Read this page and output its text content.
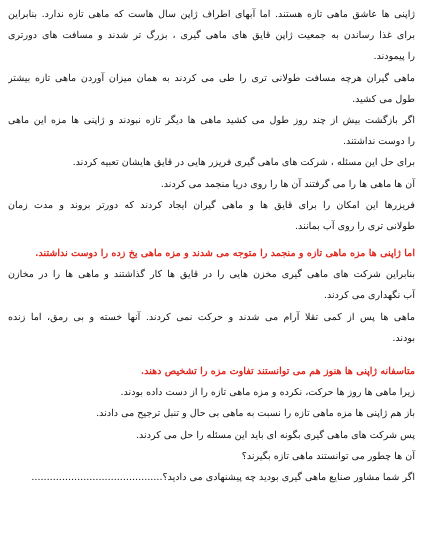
ژاپنی ها عاشق ماهی تازه هستند. اما آبهای اطراف ژاپن سال هاست که ماهی تازه ندارد. بنابراین
برای غذا رساندن به جمعیت ژاپن قایق های ماهی گیری ، بزرگ تر شدند و مسافت های دورتری
را پیمودند.
ماهی گیران هرچه مسافت طولانی تری را طی می کردند به همان میزان آوردن ماهی تازه بیشتر
طول می کشید.
اگر بازگشت بیش از چند روز طول می کشید ماهی ها دیگر تازه نبودند و ژاپنی ها مزه این ماهی
را دوست نداشتند.
برای حل این مسئله ، شرکت های ماهی گیری فریزر هایی در قایق هایشان تعبیه کردند.
آن ها ماهی ها را می گرفتند آن ها را روی دریا منجمد می کردند.
فریزرها این امکان را برای قایق ها و ماهی گیران ایجاد کردند که دورتر بروند و مدت زمان
طولانی تری را روی آب بمانند.
اما ژاپنی ها مزه ماهی تازه و منجمد را متوجه می شدند و مزه ماهی یخ زده را دوست نداشتند.
بنابراین شرکت های ماهی گیری مخزن هایی را در قایق ها کار گذاشتند و ماهی ها را در مخازن
آب نگهداری می کردند.
ماهی ها پس از کمی تقلا آرام می شدند و حرکت نمی کردند. آنها خسته و بی رمق، اما زنده
بودند.
متاسفانه ژاپنی ها هنوز هم می توانستند تفاوت مزه را تشخیص دهند.
زیرا ماهی ها روز ها حرکت، نکرده و مزه ماهی تازه را از دست داده بودند.
باز هم ژاپنی ها مزه ماهی تازه را نسبت به ماهی بی حال و تنبل ترجیح می دادند.
پس شرکت های ماهی گیری بگونه ای باید این مسئله را حل می کردند.
آن ها چطور می توانستند ماهی تازه بگیرند؟
اگر شما مشاور صنایع ماهی گیری بودید چه پیشنهادی می دادید؟...........................................
